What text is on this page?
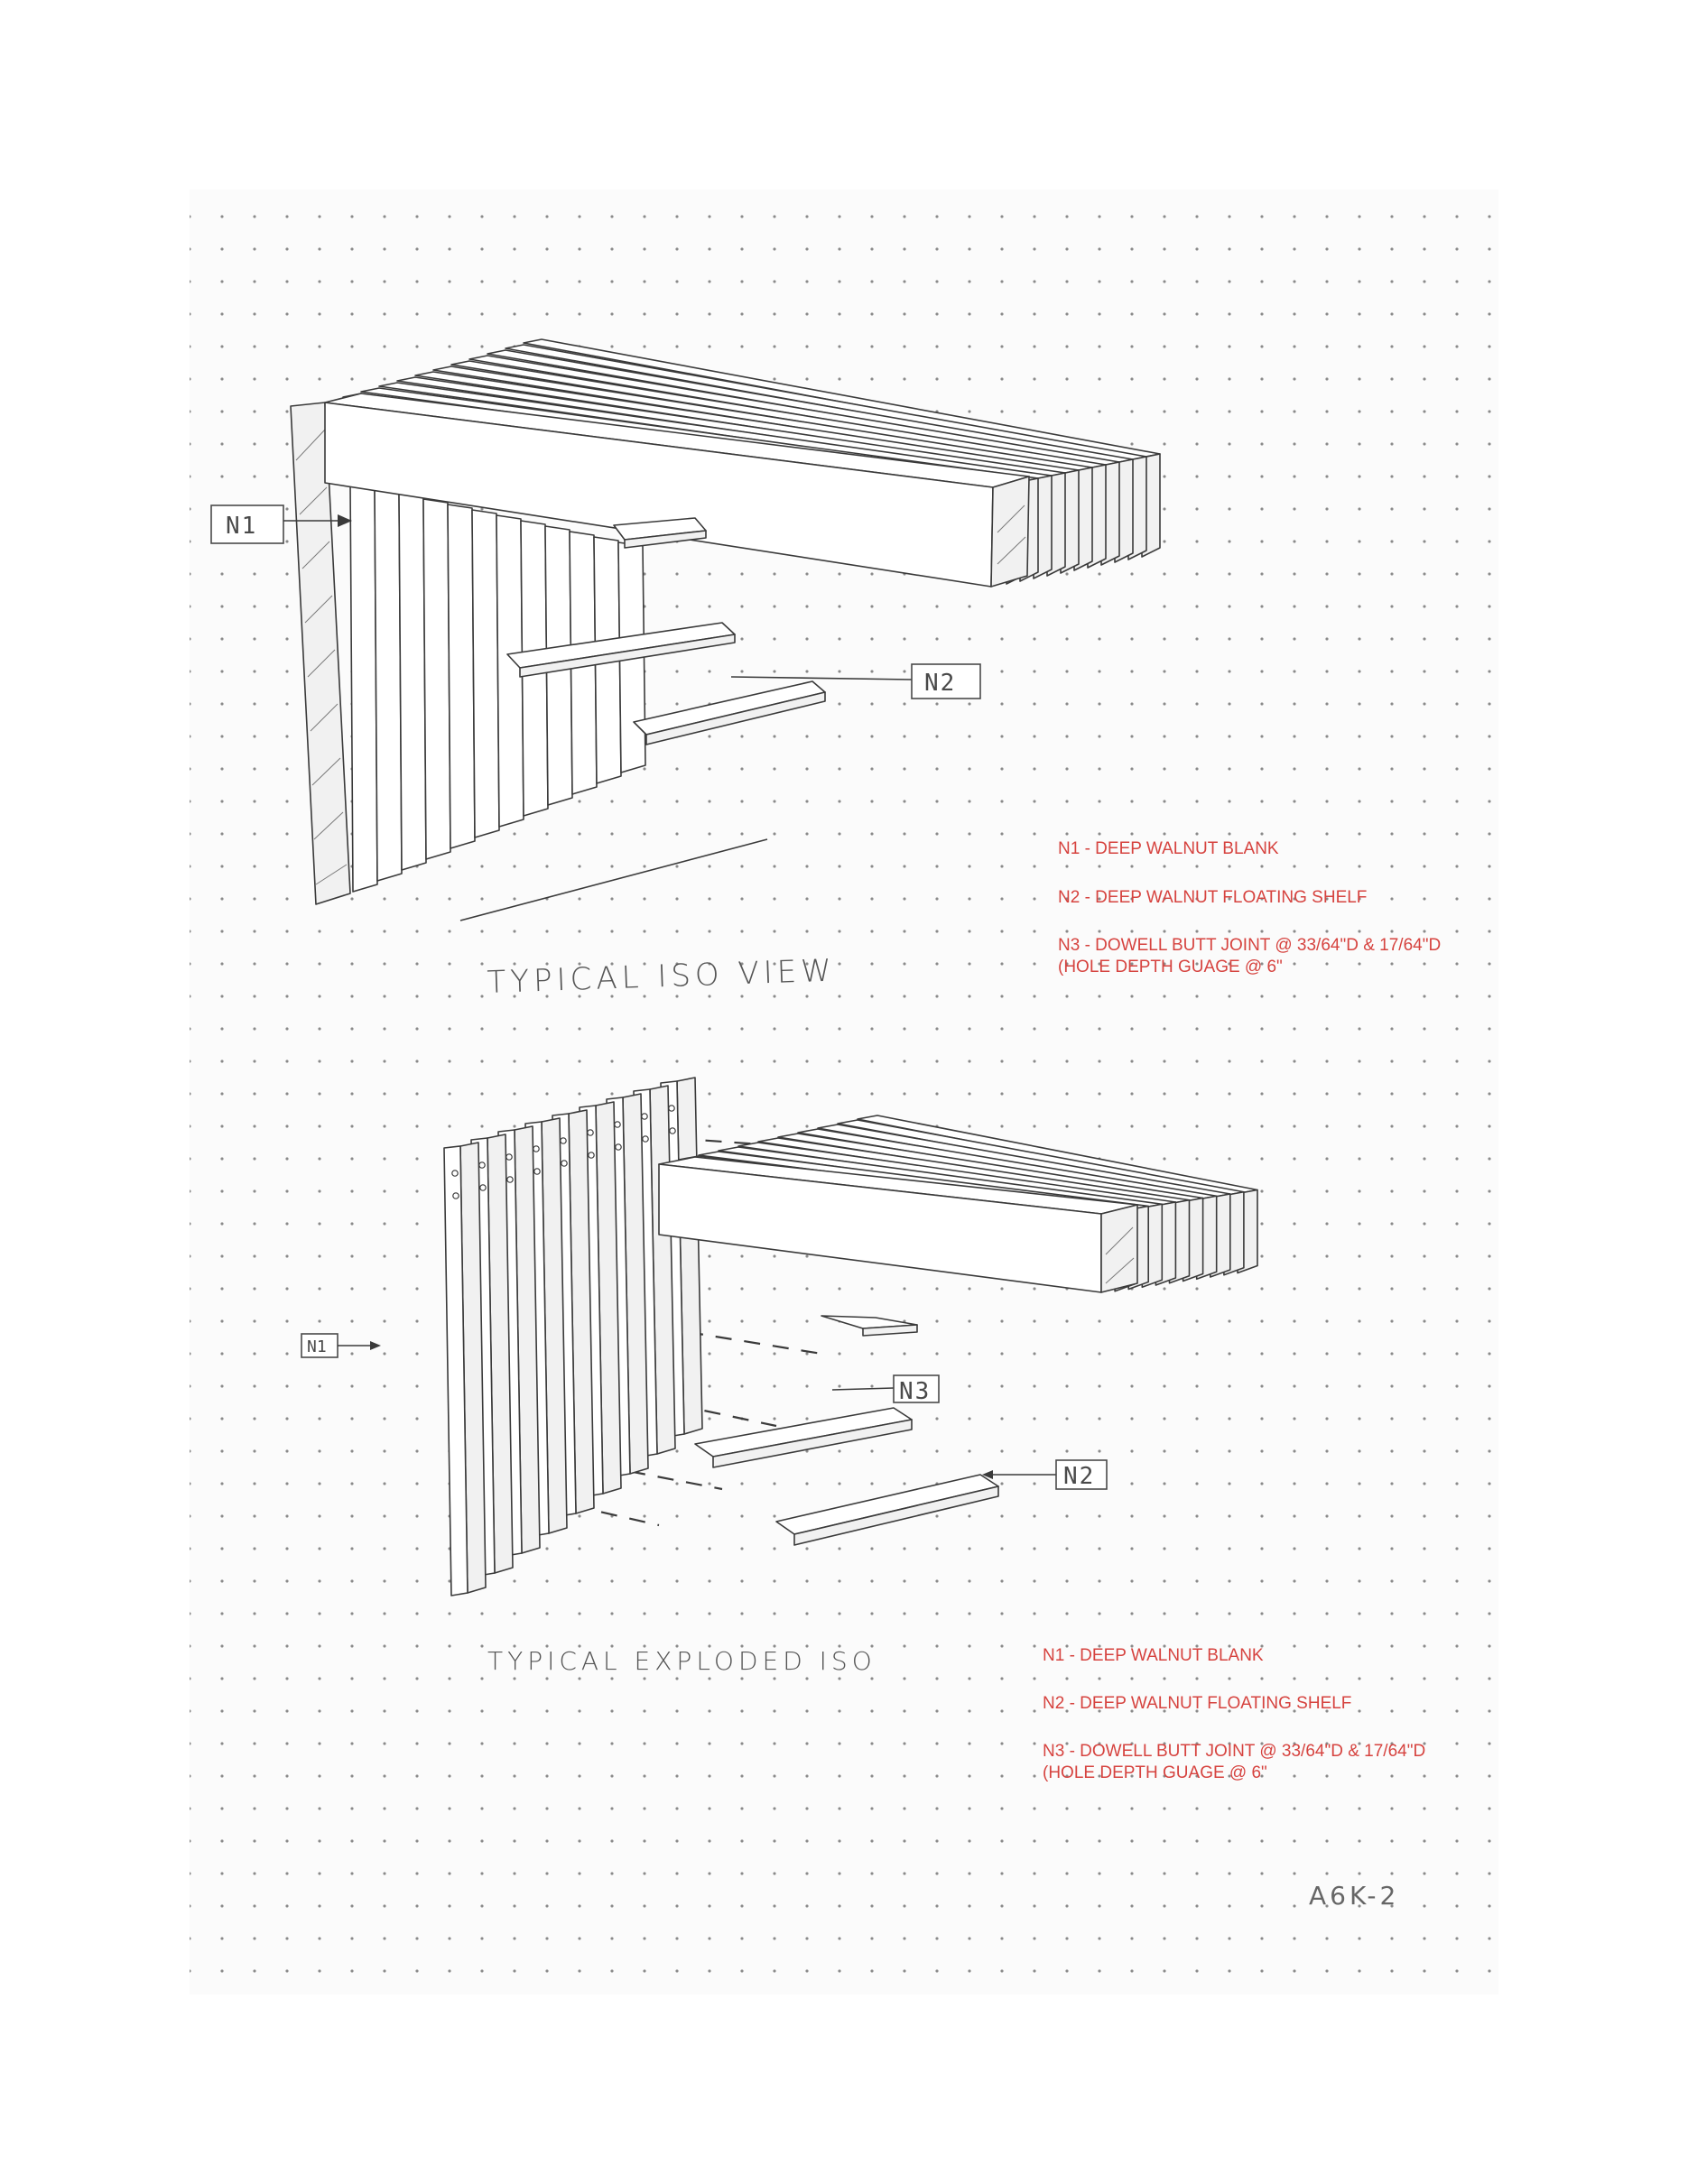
N1
N2
TYPICAL ISO VIEW
N1 - DEEP WALNUT BLANK
N2 - DEEP WALNUT FLOATING SHELF
N3 - DOWELL BUTT JOINT @ 33/64"D & 17/64"D
(HOLE DEPTH GUAGE @ 6"
N1
N3
N2
TYPICAL EXPLODED ISO	N1 - DEEP WALNUT BLANK
N2 - DEEP WALNUT FLOATING SHELF
N3 - DOWELL BUTT JOINT @ 33/64"D & 17/64"D
(HOLE DEPTH GUAGE @ 6"
A6K-2
